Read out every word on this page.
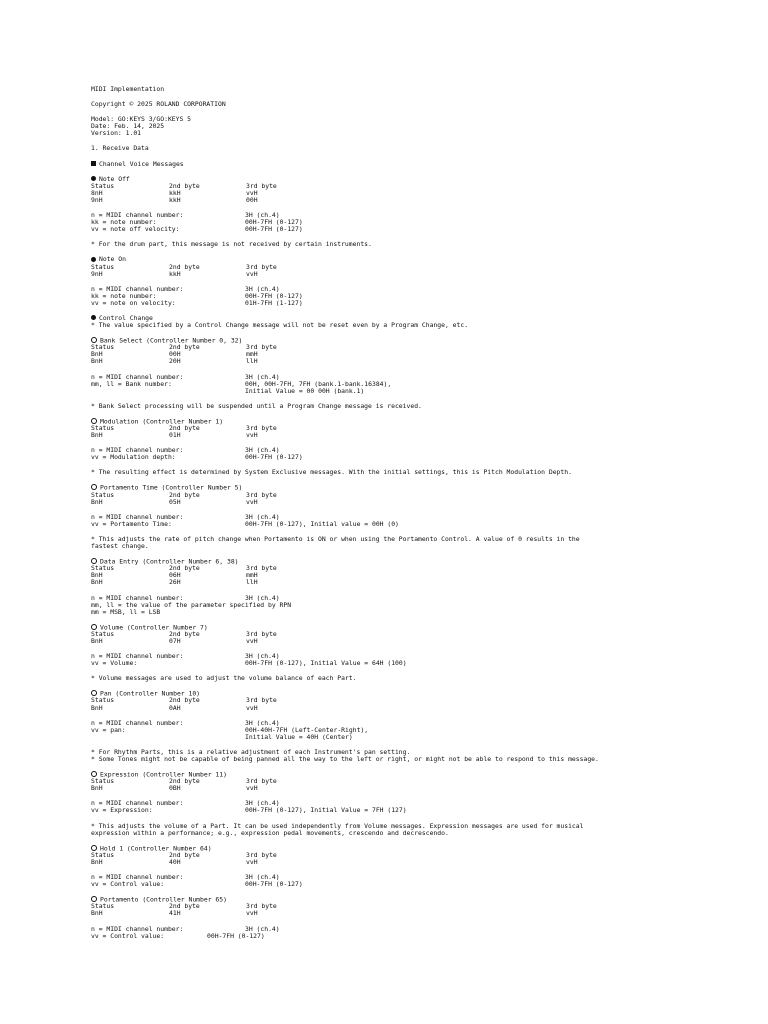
MIDI Implementation
Copyright © 2025 ROLAND CORPORATION
Model: GO:KEYS 3/GO:KEYS 5
Date: Feb. 14, 2025
Version: 1.01
1. Receive Data
Channel Voice Messages
Note Off
Status	2nd byte	3rd byte
8nH	kkH	vvH
9nH	kkH	00H
n = MIDI channel number:	3H (ch.4)
kk = note number:	00H-7FH (0-127)
vv = note off velocity:	00H-7FH (0-127)
* For the drum part, this message is not received by certain instruments.
Note On
Status	2nd byte	3rd byte
9nH	kkH	vvH
n = MIDI channel number:	3H (ch.4)
kk = note number:	00H-7FH (0-127)
vv = note on velocity:	01H-7FH (1-127)
Control Change
* The value specified by a Control Change message will not be reset even by a Program Change, etc.
Bank Select (Controller Number 0, 32)
Status	2nd byte	3rd byte
BnH	00H	mmH
BnH	20H	llH
n = MIDI channel number:	3H (ch.4)
mm, ll = Bank number:	00H, 00H-7FH, 7FH (bank.1-bank.16384),
Initial Value = 00 00H (bank.1)
* Bank Select processing will be suspended until a Program Change message is received.
Modulation (Controller Number 1)
Status	2nd byte	3rd byte
BnH	01H	vvH
n = MIDI channel number:	3H (ch.4)
vv = Modulation depth:	00H-7FH (0-127)
* The resulting effect is determined by System Exclusive messages. With the initial settings, this is Pitch Modulation Depth.
Portamento Time (Controller Number 5)
Status	2nd byte	3rd byte
BnH	05H	vvH
n = MIDI channel number:	3H (ch.4)
vv = Portamento Time:	00H-7FH (0-127), Initial value = 00H (0)
* This adjusts the rate of pitch change when Portamento is ON or when using the Portamento Control. A value of 0 results in the
fastest change.
Data Entry (Controller Number 6, 38)
Status	2nd byte	3rd byte
BnH	06H	mmH
BnH	26H	llH
n = MIDI channel number:	3H (ch.4)
mm, ll = the value of the parameter specified by RPN
mm = MSB, ll = LSB
Volume (Controller Number 7)
Status	2nd byte	3rd byte
BnH	07H	vvH
n = MIDI channel number:	3H (ch.4)
vv = Volume:	00H-7FH (0-127), Initial Value = 64H (100)
* Volume messages are used to adjust the volume balance of each Part.
Pan (Controller Number 10)
Status	2nd byte	3rd byte
BnH	0AH	vvH
n = MIDI channel number:	3H (ch.4)
vv = pan:	00H-40H-7FH (Left-Center-Right),
Initial Value = 40H (Center)
* For Rhythm Parts, this is a relative adjustment of each Instrument's pan setting.
* Some Tones might not be capable of being panned all the way to the left or right, or might not be able to respond to this message.
Expression (Controller Number 11)
Status	2nd byte	3rd byte
BnH	0BH	vvH
n = MIDI channel number:	3H (ch.4)
vv = Expression:	00H-7FH (0-127), Initial Value = 7FH (127)
* This adjusts the volume of a Part. It can be used independently from Volume messages. Expression messages are used for musical
expression within a performance; e.g., expression pedal movements, crescendo and decrescendo.
Hold 1 (Controller Number 64)
Status	2nd byte	3rd byte
BnH	40H	vvH
n = MIDI channel number:	3H (ch.4)
vv = Control value:	00H-7FH (0-127)
Portamento (Controller Number 65)
Status	2nd byte	3rd byte
BnH	41H	vvH
n = MIDI channel number:	3H (ch.4)
vv = Control value:	00H-7FH (0-127)
